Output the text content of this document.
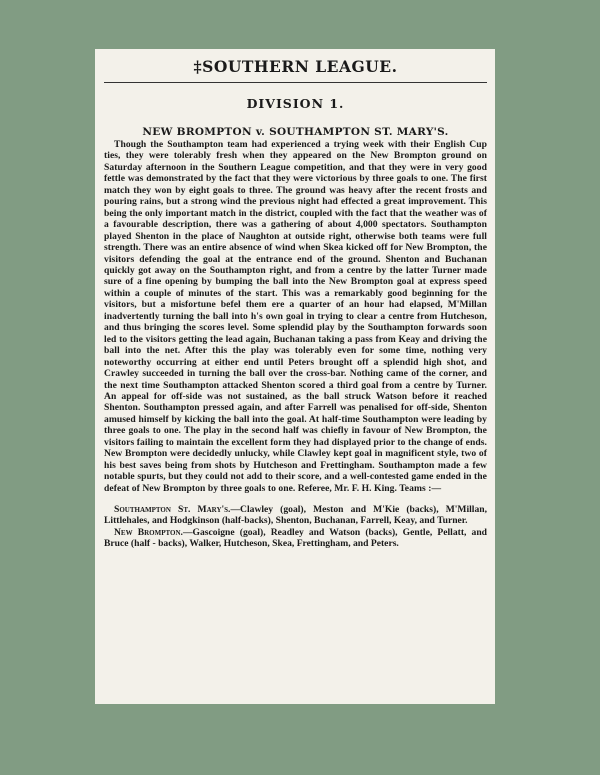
‡SOUTHERN LEAGUE.
DIVISION 1.
NEW BROMPTON v. SOUTHAMPTON ST. MARY'S.

Though the Southampton team had experienced a trying week with their English Cup ties, they were tolerably fresh when they appeared on the New Brompton ground on Saturday afternoon in the Southern League competition, and that they were in very good fettle was demonstrated by the fact that they were victorious by three goals to one. The first match they won by eight goals to three. The ground was heavy after the recent frosts and pouring rains, but a strong wind the previous night had effected a great improvement. This being the only important match in the district, coupled with the fact that the weather was of a favourable description, there was a gathering of about 4,000 spectators. Southampton played Shenton in the place of Naughton at outside right, otherwise both teams were full strength. There was an entire absence of wind when Skea kicked off for New Brompton, the visitors defending the goal at the entrance end of the ground. Shenton and Buchanan quickly got away on the Southampton right, and from a centre by the latter Turner made sure of a fine opening by bumping the ball into the New Brompton goal at express speed within a couple of minutes of the start. This was a remarkably good beginning for the visitors, but a misfortune befel them ere a quarter of an hour had elapsed, M'Millan inadvertently turning the ball into h's own goal in trying to clear a centre from Hutcheson, and thus bringing the scores level. Some splendid play by the Southampton forwards soon led to the visitors getting the lead again, Buchanan taking a pass from Keay and driving the ball into the net. After this the play was tolerably even for some time, nothing very noteworthy occurring at either end until Peters brought off a splendid high shot, and Crawley succeeded in turning the ball over the cross-bar. Nothing came of the corner, and the next time Southampton attacked Shenton scored a third goal from a centre by Turner. An appeal for off-side was not sustained, as the ball struck Watson before it reached Shenton. Southampton pressed again, and after Farrell was penalised for off-side, Shenton amused himself by kicking the ball into the goal. At half-time Southampton were leading by three goals to one. The play in the second half was chiefly in favour of New Brompton, the visitors failing to maintain the excellent form they had displayed prior to the change of ends. New Brompton were decidedly unlucky, while Clawley kept goal in magnificent style, two of his best saves being from shots by Hutcheson and Frettingham. Southampton made a few notable spurts, but they could not add to their score, and a well-contested game ended in the defeat of New Brompton by three goals to one. Referee, Mr. F. H. King. Teams :—

Southampton St. Mary's.—Clawley (goal), Meston and M'Kie (backs), M'Millan, Littlehales, and Hodgkinson (half-backs), Shenton, Buchanan, Farrell, Keay, and Turner.

New Brompton.—Gascoigne (goal), Readley and Watson (backs), Gentle, Pellatt, and Bruce (half - backs), Walker, Hutcheson, Skea, Frettingham, and Peters.
